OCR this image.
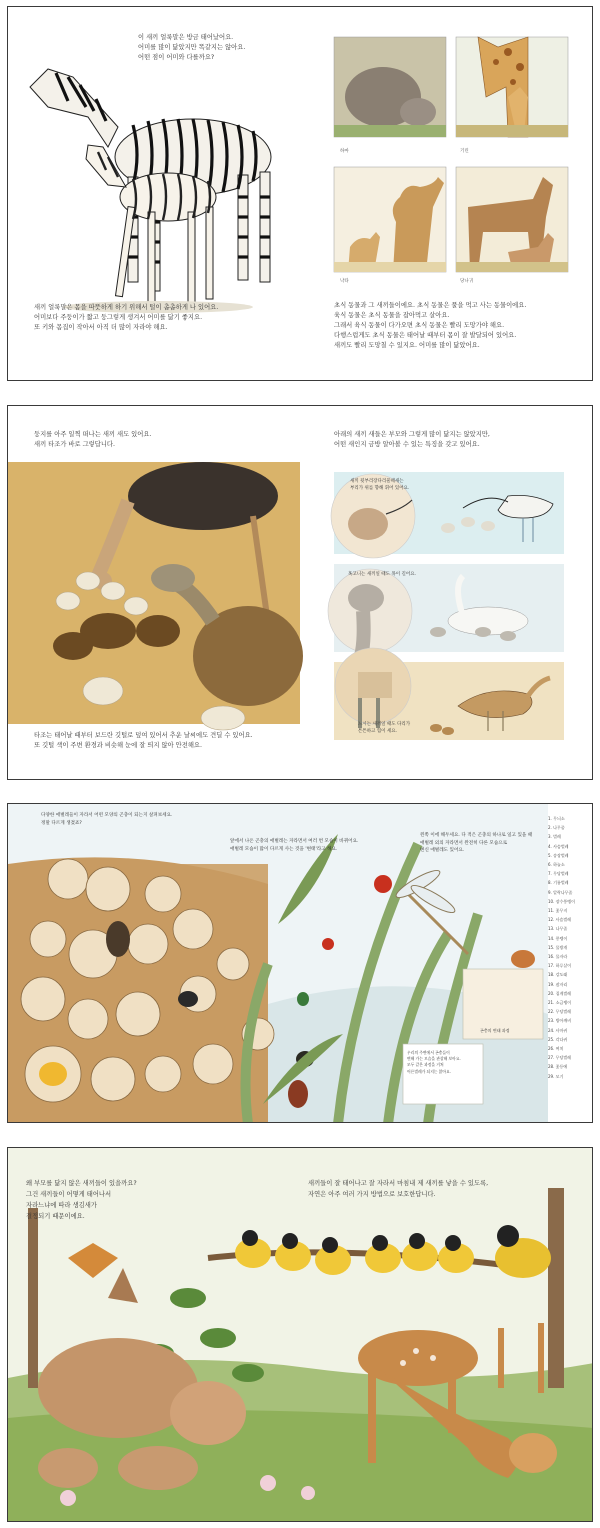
이 새끼 얼룩말은 방금 태어났어요.
어미를 많이 닮았지만 똑같지는 않아요.
어떤 점이 어미와 다를까요?
하마	기린
낙타	당나귀
새끼 얼룩말은 몸을 따뜻하게 하기 위해서 털이 촘촘하게 나 있어요.
어미보다 주둥이가 짧고 둥그렇게 생겨서 어미를 닮기 좋지요.
또 키와 몸집이 작아서 아직 더 많이 자라야 해요.
초식 동물과 그 새끼들이에요. 초식 동물은 풀을 먹고 사는 동물이에요.
육식 동물은 초식 동물을 잡아먹고 살아요.
그래서 육식 동물이 다가오면 초식 동물은 빨리 도망가야 해요.
다행스럽게도 초식 동물은 태어날 때부터 몸이 잘 발달되어 있어요.
새끼도 빨리 도망칠 수 있지요. 어미를 많이 닮았어요.
둥지를 아주 일찍 떠나는 새끼 새도 있어요.
새끼 타조가 바로 그렇답니다.
아래의 새끼 새들은 부모와 그렇게 많이 닮지는 않았지만,
어떤 새인지 금방 알아볼 수 있는 특징을 갖고 있어요.
새끼 뒷부리장다리물떼새는
부리가 위를 향해 휘어 있어요.
혹고니는 새끼일 때도 목이 길어요.
느시는 새끼일 때도 다리가
튼튼하고 힘이 세요.
타조는 태어날 때부터 보드란 깃털로 덮여 있어서 추운 날씨에도 견딜 수 있어요.
또 깃털 색이 주변 환경과 비슷해 눈에 잘 띄지 않아 안전해요.
다양한 애벌레들이 자라서 어떤 모양의 곤충이 되는지 살펴보세요.
정말 다르게 생겼죠?
앞에서 나온 곤충의 애벌레는 자라면서 여러 번 모습이 바뀌어요.
애벌레 모습이 많이 다르게 사는 것을 '변태'라고 해요.
왼쪽 이에 해두세요. 다 적은 곤충의 하나로 일고 있을 때
애벌레 외의 자라면서 완전히 다른 모습으로
변신 애벌레도 있어요.
곤충의 변태 과정
우리의 주변에서 곤충들이
변해 가는 모습을 관찰해 보아요.
모두 같은 과정을 거쳐
어른벌레가 되지는 않아요.
1. 무늬소
2. 나무좀
3. 벌레
4. 사슴벌레
5. 송장벌레
6. 하늘소
7. 무당벌레
8. 기름벌레
9. 알락나무좀
10. 장수풍뎅이
11. 꽃무지
12. 사슴벌레
13. 나무좀
14. 풍뎅이
15. 물방개
16. 물자라
17. 하루살이
18. 강도래
19. 잠자리
20. 집게벌레
21. 소금쟁이
22. 무당벌레
23. 방아깨비
24. 사마귀
25. 각다귀
26. 여치
27. 무당벌레
28. 꽃등에
29. 모기
왜 부모를 닮지 않은 새끼들이 있을까요?
그건 새끼들이 어떻게 태어나서
자라느냐에 따라 생김새가
결정되기 때문이에요.
새끼들이 잘 태어나고 잘 자라서 마침내 제 새끼를 낳을 수 있도록,
자연은 아주 여러 가지 방법으로 보호한답니다.
